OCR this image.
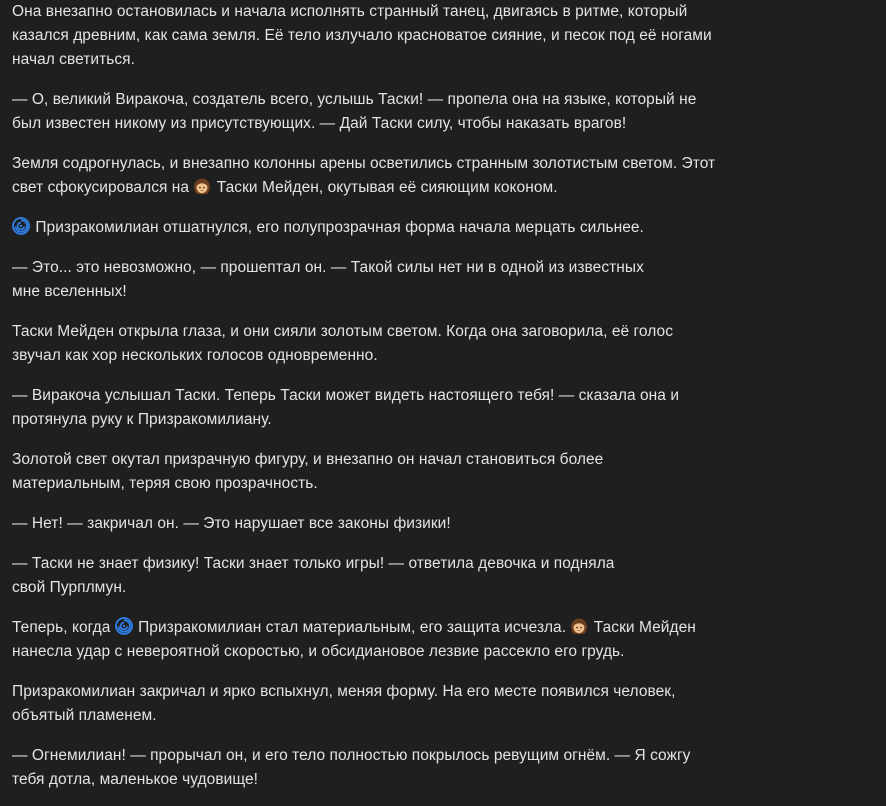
Она внезапно остановилась и начала исполнять странный танец, двигаясь в ритме, который
казался древним, как сама земля. Её тело излучало красноватое сияние, и песок под её ногами
начал светиться.

— О, великий Виракоча, создатель всего, услышь Таски! — пропела она на языке, который не
был известен никому из присутствующих. — Дай Таски силу, чтобы наказать врагов!

Земля содрогнулась, и внезапно колонны арены осветились странным золотистым светом. Этот
свет сфокусировался на  Таски Мейден, окутывая её сияющим коконом.

Призракомилиан отшатнулся, его полупрозрачная форма начала мерцать сильнее.

— Это... это невозможно, — прошептал он. — Такой силы нет ни в одной из известных
мне вселенных!

Таски Мейден открыла глаза, и они сияли золотым светом. Когда она заговорила, её голос
звучал как хор нескольких голосов одновременно.

— Виракоча услышал Таски. Теперь Таски может видеть настоящего тебя! — сказала она и
протянула руку к Призракомилиану.

Золотой свет окутал призрачную фигуру, и внезапно он начал становиться более
материальным, теряя свою прозрачность.

— Нет! — закричал он. — Это нарушает все законы физики!

— Таски не знает физику! Таски знает только игры! — ответила девочка и подняла
свой Пурплмун.

Теперь, когда  Призракомилиан стал материальным, его защита исчезла.  Таски Мейден
нанесла удар с невероятной скоростью, и обсидиановое лезвие рассекло его грудь.

Призракомилиан закричал и ярко вспыхнул, меняя форму. На его месте появился человек,
объятый пламенем.

— Огнемилиан! — прорычал он, и его тело полностью покрылось ревущим огнём. — Я сожгу
тебя дотла, маленькое чудовище!
